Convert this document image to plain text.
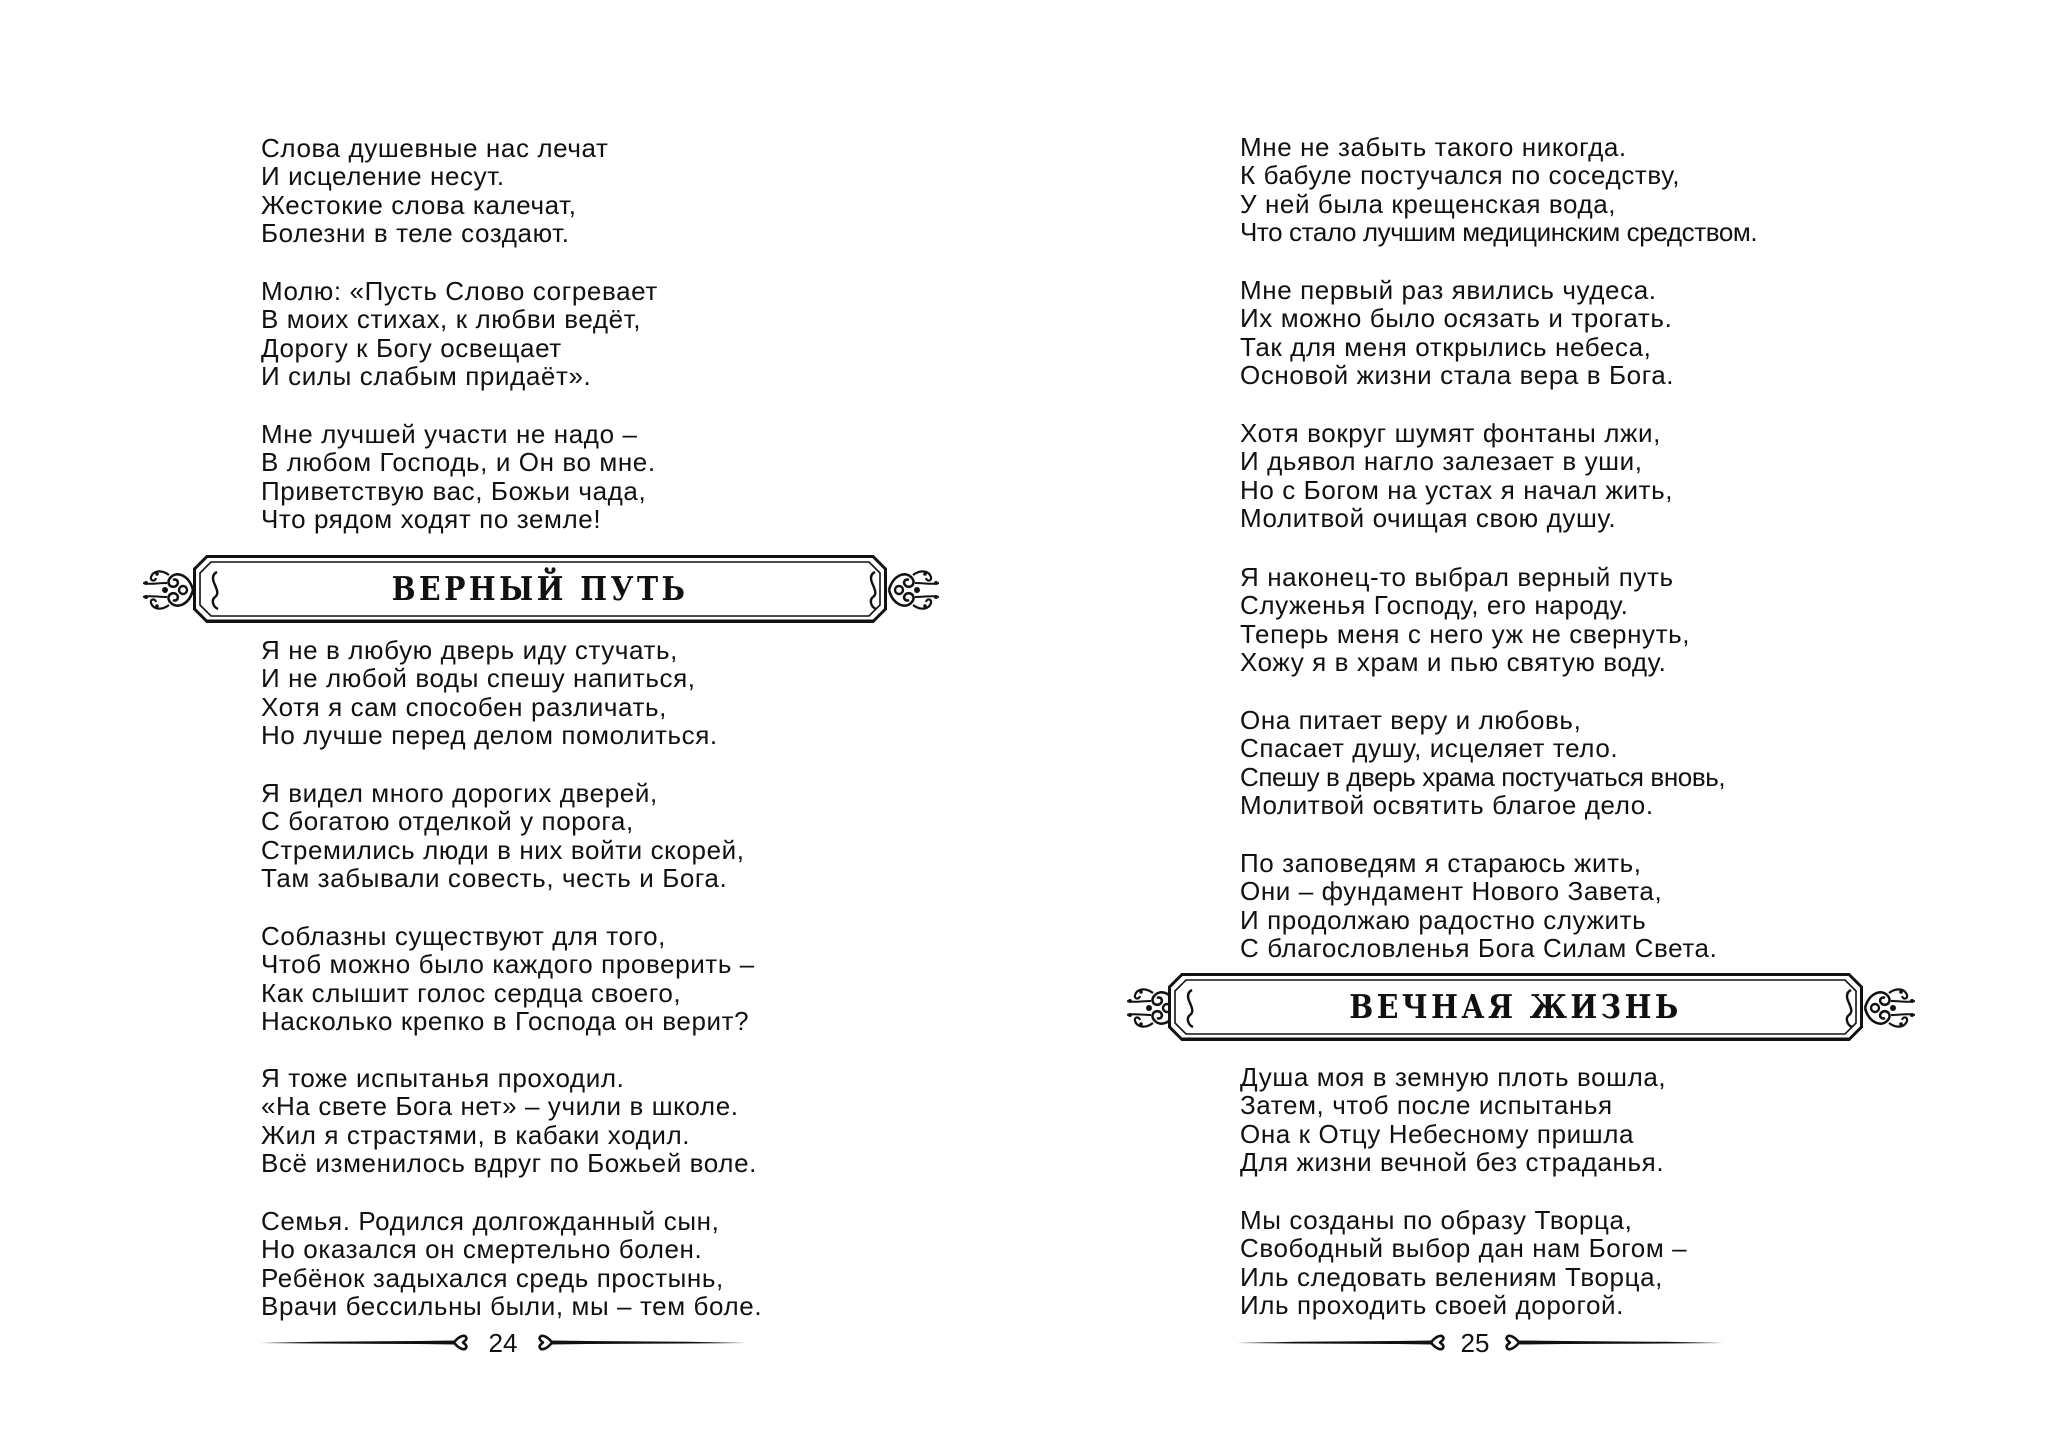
Слова душевные нас лечат
И исцеление несут.
Жестокие слова калечат,
Болезни в теле создают.
Молю: «Пусть Слово согревает
В моих стихах, к любви ведёт,
Дорогу к Богу освещает
И силы слабым придаёт».
Мне лучшей участи не надо –
В любом Господь, и Он во мне.
Приветствую вас, Божьи чада,
Что рядом ходят по земле!
ВЕРНЫЙ ПУТЬ
Я не в любую дверь иду стучать,
И не любой воды спешу напиться,
Хотя я сам способен различать,
Но лучше перед делом помолиться.
Я видел много дорогих дверей,
С богатою отделкой у порога,
Стремились люди в них войти скорей,
Там забывали совесть, честь и Бога.
Соблазны существуют для того,
Чтоб можно было каждого проверить –
Как слышит голос сердца своего,
Насколько крепко в Господа он верит?
Я тоже испытанья проходил.
«На свете Бога нет» – учили в школе.
Жил я страстями, в кабаки ходил.
Всё изменилось вдруг по Божьей воле.
Семья. Родился долгожданный сын,
Но оказался он смертельно болен.
Ребёнок задыхался средь простынь,
Врачи бессильны были, мы – тем боле.
24
Мне не забыть такого никогда.
К бабуле постучался по соседству,
У ней была крещенская вода,
Что стало лучшим медицинским средством.
Мне первый раз явились чудеса.
Их можно было осязать и трогать.
Так для меня открылись небеса,
Основой жизни стала вера в Бога.
Хотя вокруг шумят фонтаны лжи,
И дьявол нагло залезает в уши,
Но с Богом на устах я начал жить,
Молитвой очищая свою душу.
Я наконец-то выбрал верный путь
Служенья Господу, его народу.
Теперь меня с него уж не свернуть,
Хожу я в храм и пью святую воду.
Она питает веру и любовь,
Спасает душу, исцеляет тело.
Спешу в дверь храма постучаться вновь,
Молитвой освятить благое дело.
По заповедям я стараюсь жить,
Они – фундамент Нового Завета,
И продолжаю радостно служить
С благословленья Бога Силам Света.
ВЕЧНАЯ ЖИЗНЬ
Душа моя в земную плоть вошла,
Затем, чтоб после испытанья
Она к Отцу Небесному пришла
Для жизни вечной без страданья.
Мы созданы по образу Творца,
Свободный выбор дан нам Богом –
Иль следовать велениям Творца,
Иль проходить своей дорогой.
25
